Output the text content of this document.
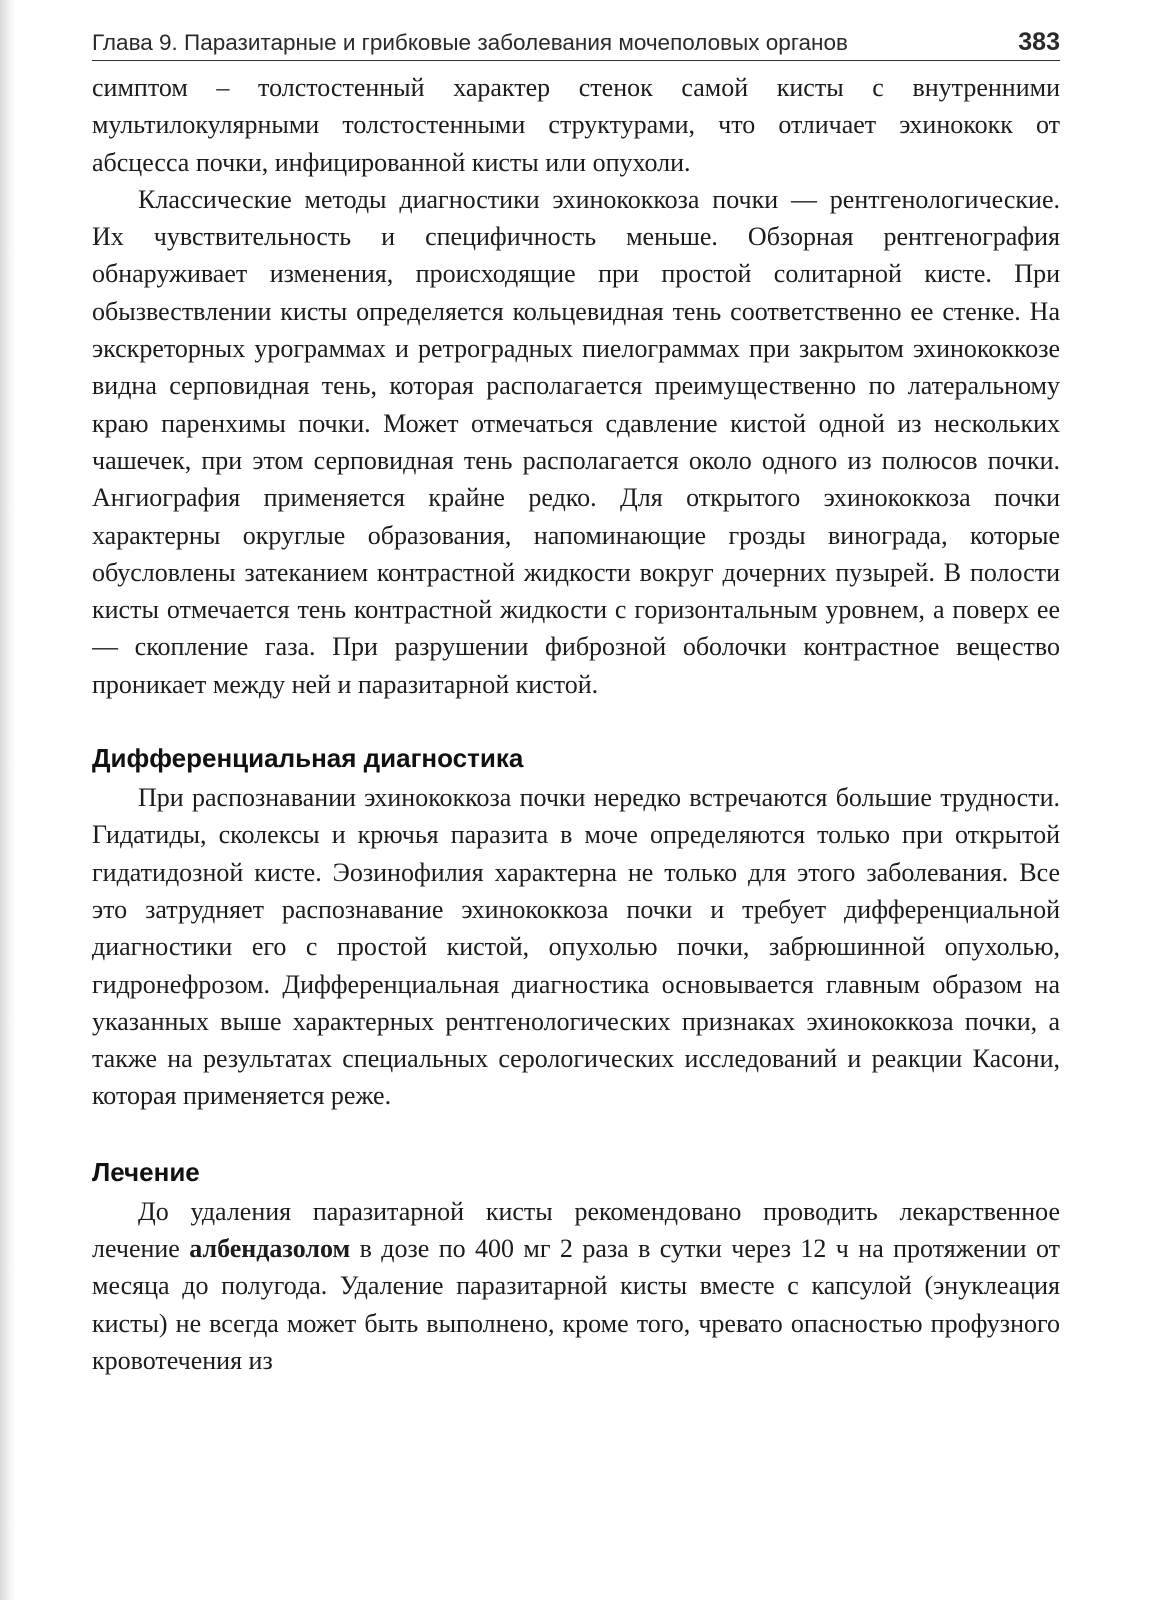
Глава 9. Паразитарные и грибковые заболевания мочеполовых органов	383

симптом – толстостенный характер стенок самой кисты с внутренними мультилокулярными толстостенными структурами, что отличает эхинококк от абсцесса почки, инфицированной кисты или опухоли.

Классические методы диагностики эхинококкоза почки — рентгенологические. Их чувствительность и специфичность меньше. Обзорная рентгенография обнаруживает изменения, происходящие при простой солитарной кисте. При обызвествлении кисты определяется кольцевидная тень соответственно ее стенке. На экскреторных урограммах и ретроградных пиелограммах при закрытом эхинококкозе видна серповидная тень, которая располагается преимущественно по латеральному краю паренхимы почки. Может отмечаться сдавление кистой одной из нескольких чашечек, при этом серповидная тень располагается около одного из полюсов почки. Ангиография применяется крайне редко. Для открытого эхинококкоза почки характерны округлые образования, напоминающие грозды винограда, которые обусловлены затеканием контрастной жидкости вокруг дочерних пузырей. В полости кисты отмечается тень контрастной жидкости с горизонтальным уровнем, а поверх ее — скопление газа. При разрушении фиброзной оболочки контрастное вещество проникает между ней и паразитарной кистой.

Дифференциальная диагностика

При распознавании эхинококкоза почки нередко встречаются большие трудности. Гидатиды, сколексы и крючья паразита в моче определяются только при открытой гидатидозной кисте. Эозинофилия характерна не только для этого заболевания. Все это затрудняет распознавание эхинококкоза почки и требует дифференциальной диагностики его с простой кистой, опухолью почки, забрюшинной опухолью, гидронефрозом. Дифференциальная диагностика основывается главным образом на указанных выше характерных рентгенологических признаках эхинококкоза почки, а также на результатах специальных серологических исследований и реакции Касони, которая применяется реже.

Лечение

До удаления паразитарной кисты рекомендовано проводить лекарственное лечение албендазолом в дозе по 400 мг 2 раза в сутки через 12 ч на протяжении от месяца до полугода. Удаление паразитарной кисты вместе с капсулой (энуклеация кисты) не всегда может быть выполнено, кроме того, чревато опасностью профузного кровотечения из
